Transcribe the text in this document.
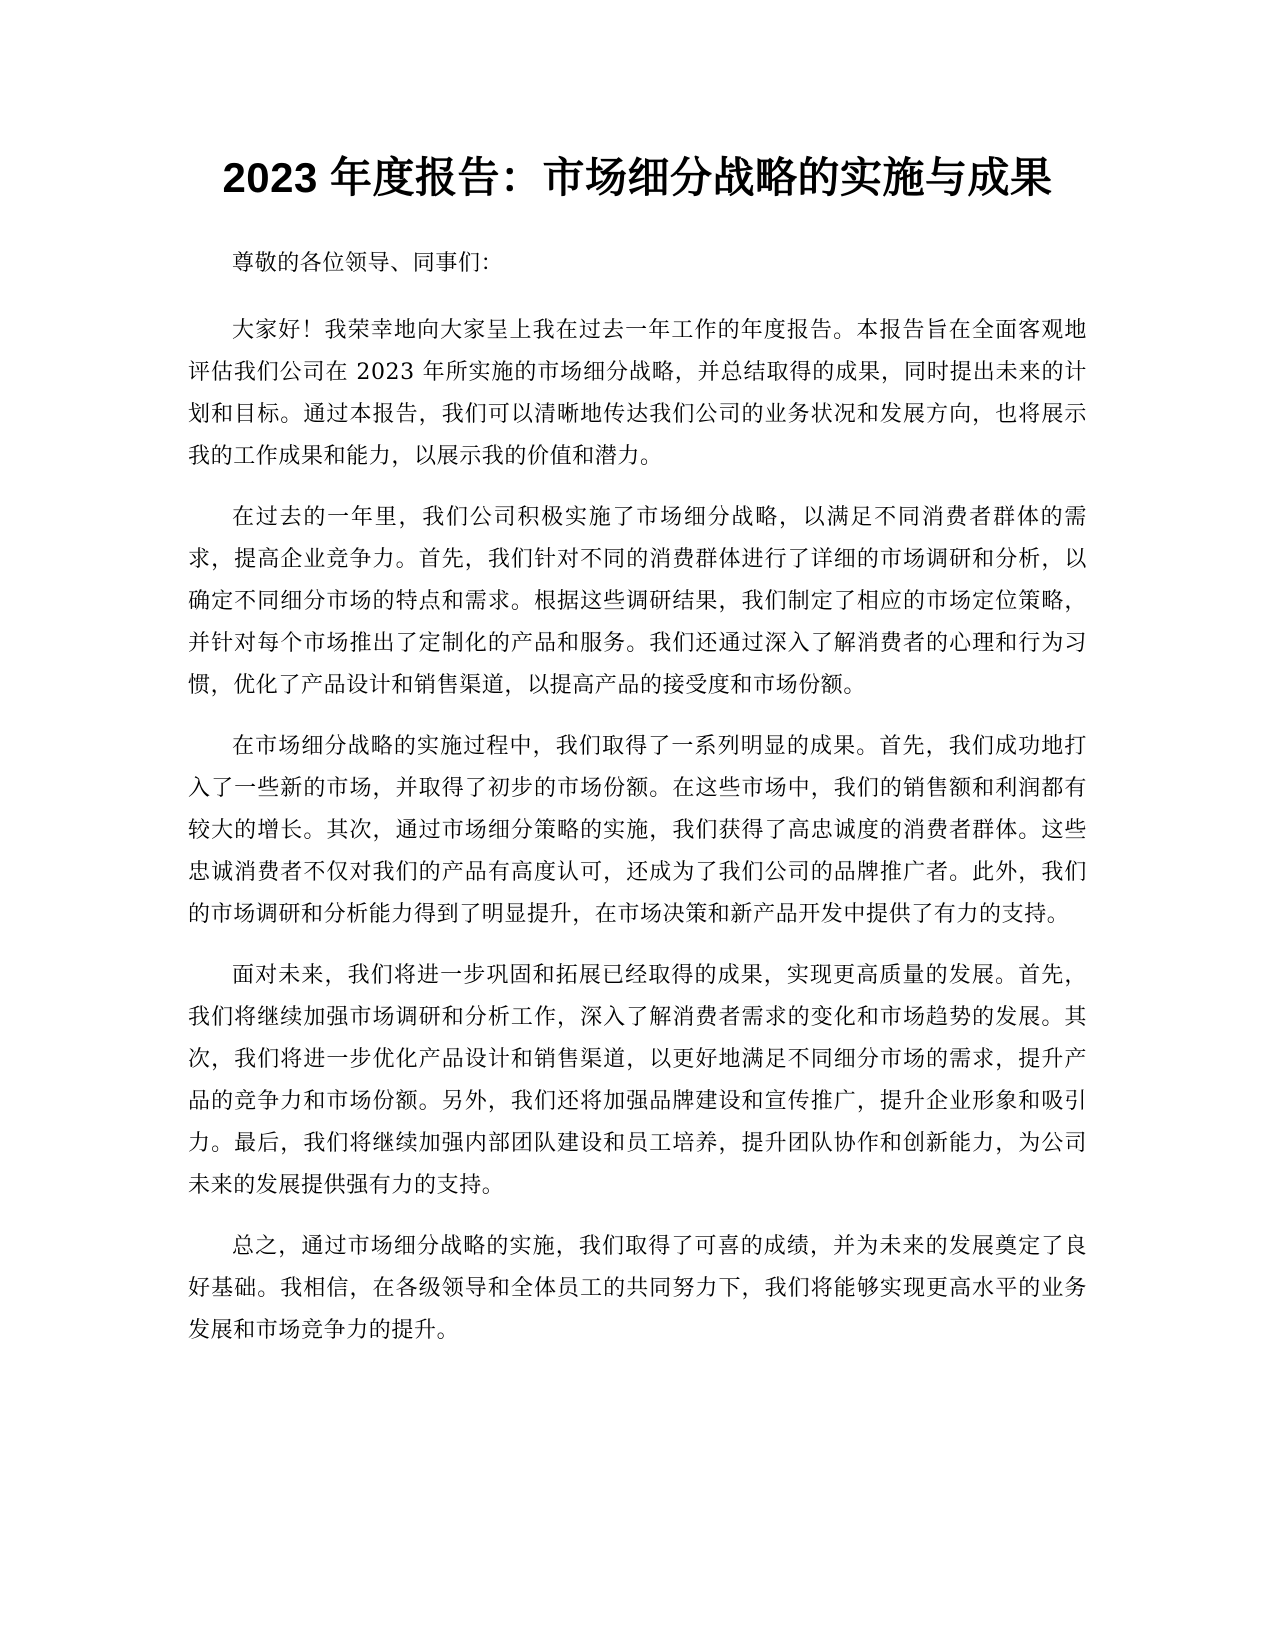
2023 年度报告：市场细分战略的实施与成果

尊敬的各位领导、同事们：

大家好！我荣幸地向大家呈上我在过去一年工作的年度报告。本报告旨在全面客观地评估我们公司在 2023 年所实施的市场细分战略，并总结取得的成果，同时提出未来的计划和目标。通过本报告，我们可以清晰地传达我们公司的业务状况和发展方向，也将展示我的工作成果和能力，以展示我的价值和潜力。

在过去的一年里，我们公司积极实施了市场细分战略，以满足不同消费者群体的需求，提高企业竞争力。首先，我们针对不同的消费群体进行了详细的市场调研和分析，以确定不同细分市场的特点和需求。根据这些调研结果，我们制定了相应的市场定位策略，并针对每个市场推出了定制化的产品和服务。我们还通过深入了解消费者的心理和行为习惯，优化了产品设计和销售渠道，以提高产品的接受度和市场份额。

在市场细分战略的实施过程中，我们取得了一系列明显的成果。首先，我们成功地打入了一些新的市场，并取得了初步的市场份额。在这些市场中，我们的销售额和利润都有较大的增长。其次，通过市场细分策略的实施，我们获得了高忠诚度的消费者群体。这些忠诚消费者不仅对我们的产品有高度认可，还成为了我们公司的品牌推广者。此外，我们的市场调研和分析能力得到了明显提升，在市场决策和新产品开发中提供了有力的支持。

面对未来，我们将进一步巩固和拓展已经取得的成果，实现更高质量的发展。首先，我们将继续加强市场调研和分析工作，深入了解消费者需求的变化和市场趋势的发展。其次，我们将进一步优化产品设计和销售渠道，以更好地满足不同细分市场的需求，提升产品的竞争力和市场份额。另外，我们还将加强品牌建设和宣传推广，提升企业形象和吸引力。最后，我们将继续加强内部团队建设和员工培养，提升团队协作和创新能力，为公司未来的发展提供强有力的支持。

总之，通过市场细分战略的实施，我们取得了可喜的成绩，并为未来的发展奠定了良好基础。我相信，在各级领导和全体员工的共同努力下，我们将能够实现更高水平的业务发展和市场竞争力的提升。
